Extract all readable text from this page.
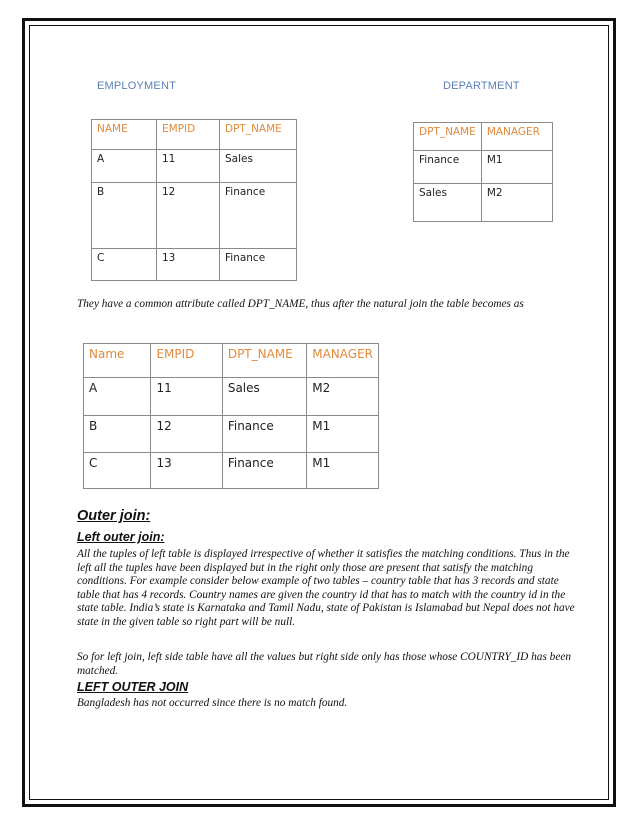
EMPLOYMENT	DEPARTMENT
NAME	EMPID	DPT_NAME
A	11	Sales
B	12	Finance
C	13	Finance
DPT_NAME	MANAGER
Finance	M1
Sales	M2

They have a common attribute called DPT_NAME, thus after the natural join the table becomes as

Name	EMPID	DPT_NAME	MANAGER
A	11	Sales	M2
B	12	Finance	M1
C	13	Finance	M1
Outer join:
Left outer join:

All the tuples of left table is displayed irrespective of whether it satisfies the matching conditions. Thus in the left all the tuples have been displayed but in the right only those are present that satisfy the matching conditions. For example consider below example of two tables – country table that has 3 records and state table that has 4 records. Country names are given the country id that has to match with the country id in the state table. India’s state is Karnataka and Tamil Nadu, state of Pakistan is Islamabad but Nepal does not have state in the given table so right part will be null.

So for left join, left side table have all the values but right side only has those whose COUNTRY_ID has been matched.

LEFT OUTER JOIN

Bangladesh has not occurred since there is no match found.
